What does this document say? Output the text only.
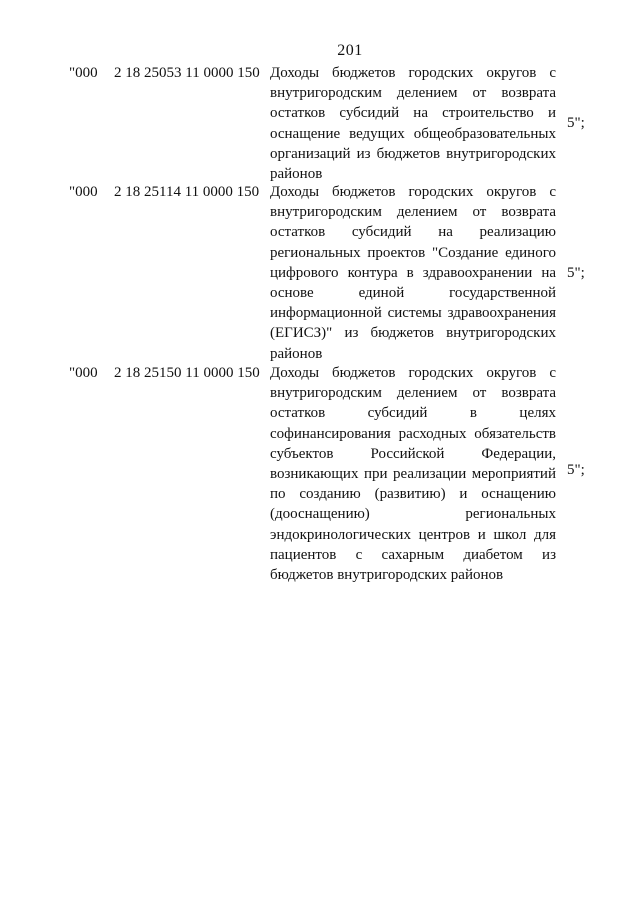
201
"000 2 18 25053 11 0000 150 Доходы бюджетов городских округов с
внутригородским делением от возврата
остатков субсидий на строительство и
оснащение ведущих общеобразовательных
организаций из бюджетов внутригородских
районов
5";
"000 2 18 25114 11 0000 150 Доходы бюджетов городских округов с
внутригородским делением от возврата
остатков субсидий на реализацию
региональных проектов "Создание единого
цифрового контура в здравоохранении на
основе единой государственной
информационной системы здравоохранения
(ЕГИСЗ)" из бюджетов внутригородских
районов
5";
"000 2 18 25150 11 0000 150 Доходы бюджетов городских округов с
внутригородским делением от возврата
остатков субсидий в целях
софинансирования расходных обязательств
субъектов Российской Федерации,
возникающих при реализации мероприятий
по созданию (развитию) и оснащению
(дооснащению) региональных
эндокринологических центров и школ для
пациентов с сахарным диабетом из
бюджетов внутригородских районов
5";
